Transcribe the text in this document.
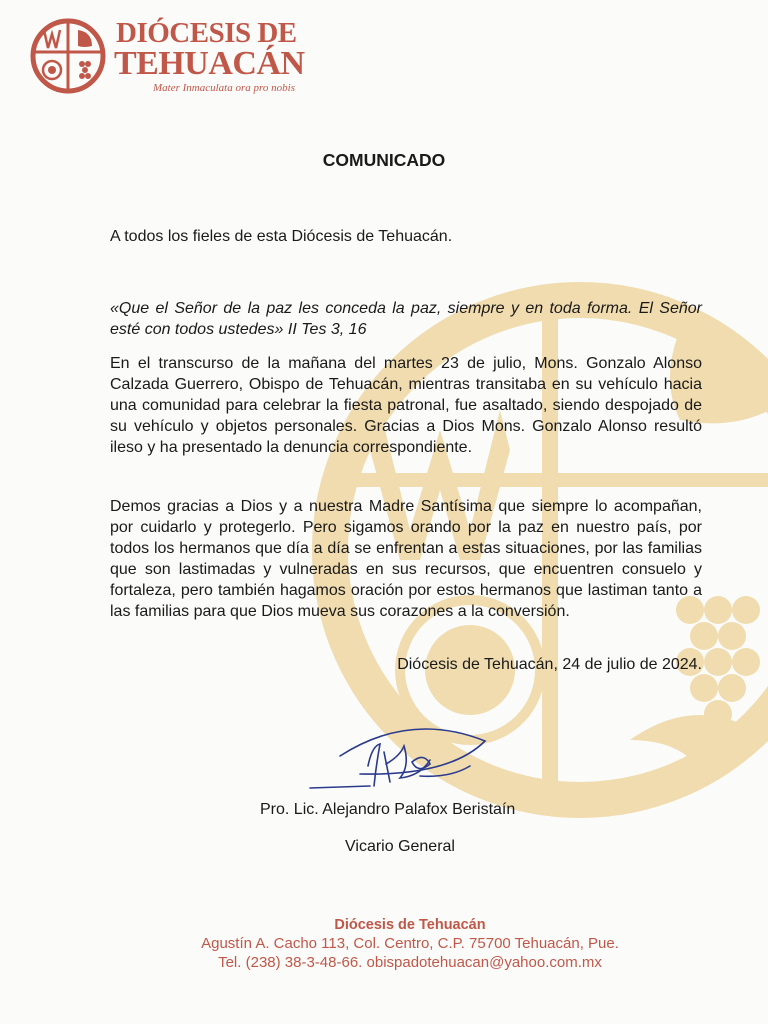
DIÓCESIS DE
TEHUACÁN
Mater Inmaculata ora pro nobis
COMUNICADO
A todos los fieles de esta Diócesis de Tehuacán.
«Que el Señor de la paz les conceda la paz, siempre y en toda forma. El Señor esté con todos ustedes» II Tes 3, 16
En el transcurso de la mañana del martes 23 de julio, Mons. Gonzalo Alonso Calzada Guerrero, Obispo de Tehuacán, mientras transitaba en su vehículo hacia una comunidad para celebrar la fiesta patronal, fue asaltado, siendo despojado de su vehículo y objetos personales. Gracias a Dios Mons. Gonzalo Alonso resultó ileso y ha presentado la denuncia correspondiente.
Demos gracias a Dios y a nuestra Madre Santísima que siempre lo acompañan, por cuidarlo y protegerlo. Pero sigamos orando por la paz en nuestro país, por todos los hermanos que día a día se enfrentan a estas situaciones, por las familias que son lastimadas y vulneradas en sus recursos, que encuentren consuelo y fortaleza, pero también hagamos oración por estos hermanos que lastiman tanto a las familias para que Dios mueva sus corazones a la conversión.
Diócesis de Tehuacán, 24 de julio de 2024.
Pro. Lic. Alejandro Palafox Beristaín
Vicario General
Diócesis de Tehuacán
Agustín A. Cacho 113, Col. Centro, C.P. 75700 Tehuacán, Pue.
Tel. (238) 38-3-48-66. obispadotehuacan@yahoo.com.mx
